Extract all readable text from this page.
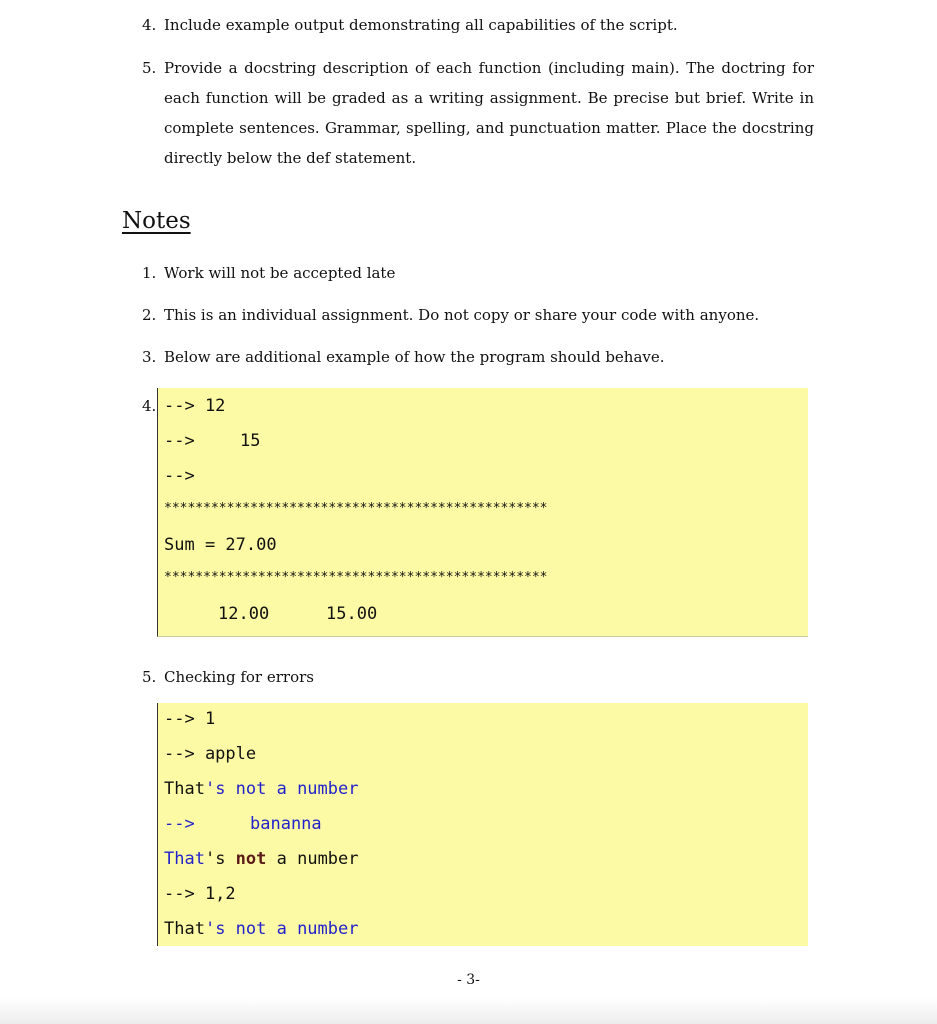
4. Include example output demonstrating all capabilities of the script.
5. Provide a docstring description of each function (including main). The doctring for each function will be graded as a writing assignment. Be precise but brief. Write in complete sentences. Grammar, spelling, and punctuation matter. Place the docstring directly below the def statement.
Notes
1. Work will not be accepted late
2. This is an individual assignment. Do not copy or share your code with anyone.
3. Below are additional example of how the program should behave.
4. --> 12
-->	15
-->
*************************************************
Sum = 27.00
*************************************************
12.00	15.00
5. Checking for errors
--> 1
--> apple
That's not a number
-->	bananna
That's not a number
--> 1,2
That's not a number
- 3-
